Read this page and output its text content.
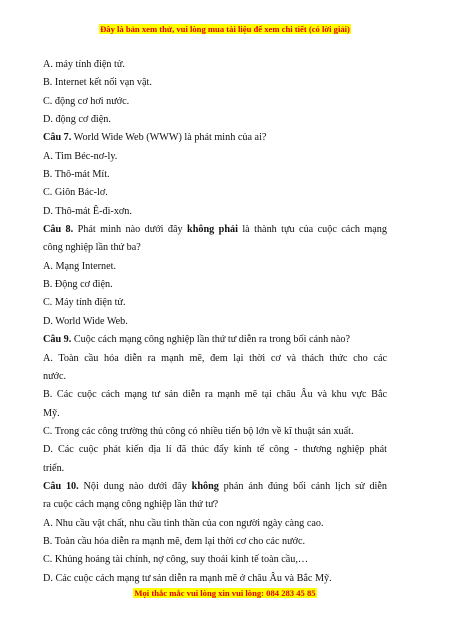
Đây là bản xem thử, vui lòng mua tài liệu để xem chi tiết (có lời giải)
A. máy tính điện tử.
B. Internet kết nối vạn vật.
C. động cơ hơi nước.
D. động cơ điện.
Câu 7. World Wide Web (WWW) là phát minh của ai?
A. Tim Béc-nơ-ly.
B. Thô-mát Mít.
C. Giôn Bác-lơ.
D. Thô-mát Ê-đi-xơn.
Câu 8. Phát minh nào dưới đây không phải là thành tựu của cuộc cách mạng
công nghiệp lần thứ ba?
A. Mạng Internet.
B. Động cơ điện.
C. Máy tính điện tử.
D. World Wide Web.
Câu 9. Cuộc cách mạng công nghiệp lần thứ tư diễn ra trong bối cảnh nào?
A. Toàn cầu hóa diễn ra mạnh mẽ, đem lại thời cơ và thách thức cho các
nước.
B. Các cuộc cách mạng tư sản diễn ra mạnh mẽ tại châu Âu và khu vực Bắc
Mỹ.
C. Trong các công trường thủ công có nhiều tiến bộ lớn về kĩ thuật sản xuất.
D. Các cuộc phát kiến địa lí đã thúc đẩy kinh tế công - thương nghiệp phát
triển.
Câu 10. Nội dung nào dưới đây không phản ánh đúng bối cảnh lịch sử diễn
ra cuộc cách mạng công nghiệp lần thứ tư?
A. Nhu cầu vật chất, nhu cầu tinh thần của con người ngày càng cao.
B. Toàn cầu hóa diễn ra mạnh mẽ, đem lại thời cơ cho các nước.
C. Khủng hoảng tài chính, nợ công, suy thoái kinh tế toàn cầu,…
D. Các cuộc cách mạng tư sản diễn ra mạnh mẽ ở châu Âu và Bắc Mỹ.
Mọi thắc mắc vui lòng xin vui lòng: 084 283 45 85
